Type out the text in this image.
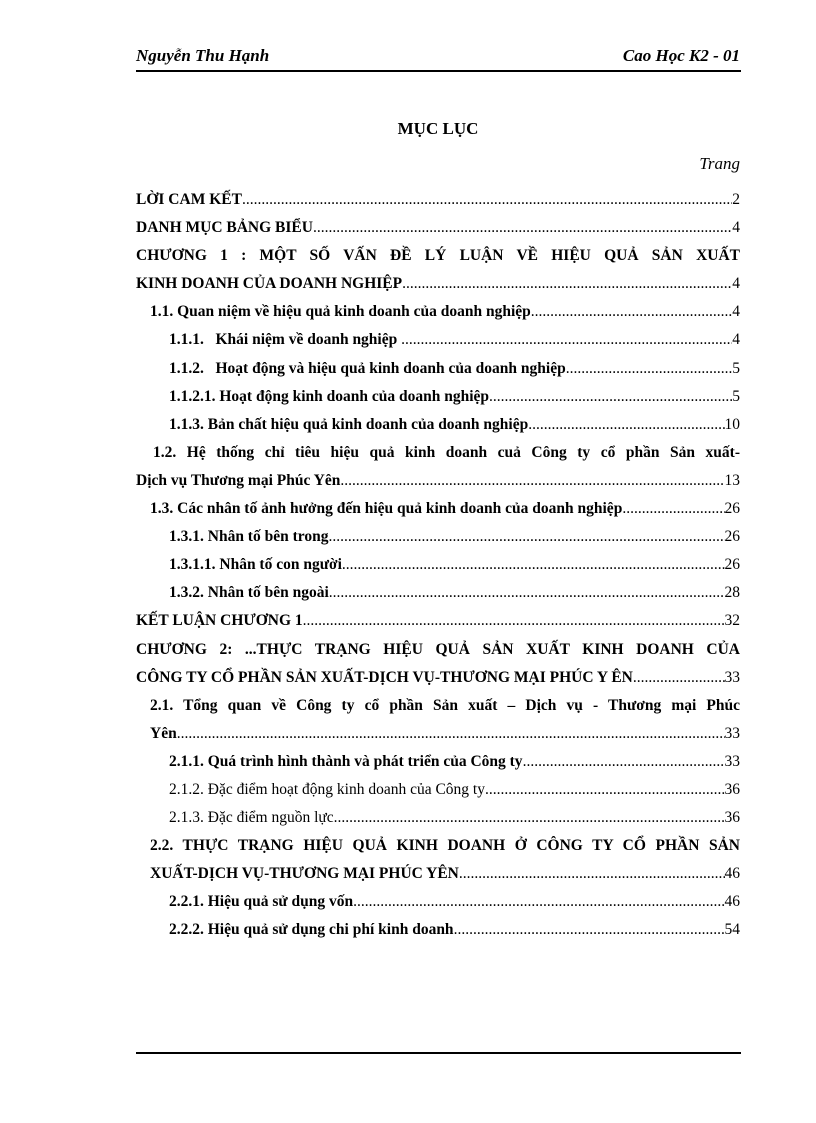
Nguyễn Thu Hạnh	Cao Học K2 - 01
MỤC LỤC
Trang
LỜI CAM KẾT .....	2
DANH MỤC BẢNG BIỂU .....	4
CHƯƠNG 1 : MỘT SỐ VẤN ĐỀ LÝ LUẬN VỀ HIỆU QUẢ SẢN XUẤT
KINH DOANH CỦA DOANH NGHIỆP .....	4
1.1. Quan niệm về hiệu quả kinh doanh của doanh nghiệp .....	4
1.1.1.   Khái niệm về doanh nghiệp .....	4
1.1.2.   Hoạt động và hiệu quả kinh doanh của doanh nghiệp .....	5
1.1.2.1. Hoạt động kinh doanh của doanh nghiệp .....	5
1.1.3. Bản chất hiệu quả kinh doanh của doanh nghiệp .....	10
1.2. Hệ thống chỉ tiêu hiệu quả kinh doanh cuả Công ty cổ phần Sản xuất-
Dịch vụ Thương mại Phúc Yên .....	13
1.3. Các nhân tố ảnh hưởng đến hiệu quả kinh doanh của doanh nghiệp .....	26
1.3.1. Nhân tố bên trong .....	26
1.3.1.1. Nhân tố con người .....	26
1.3.2. Nhân tố bên ngoài .....	28
KẾT LUẬN CHƯƠNG 1 .....	32
CHƯƠNG 2: ...THỰC TRẠNG HIỆU QUẢ SẢN XUẤT KINH DOANH CỦA
CÔNG TY CỔ PHẦN SẢN XUẤT-DỊCH VỤ-THƯƠNG MẠI PHÚC Y ÊN .....	33
2.1. Tổng quan về Công ty cổ phần Sản xuất – Dịch vụ - Thương mại Phúc
Yên .....	33
2.1.1. Quá trình hình thành và phát triển của Công ty .....	33
2.1.2. Đặc điểm hoạt động kinh doanh của Công ty .....	36
2.1.3. Đặc điểm nguồn lực .....	36
2.2. THỰC TRẠNG HIỆU QUẢ KINH DOANH Ở CÔNG TY CỔ PHẦN SẢN
XUẤT-DỊCH VỤ-THƯƠNG MẠI PHÚC YÊN .....	46
2.2.1. Hiệu quả sử dụng vốn .....	46
2.2.2. Hiệu quả sử dụng chi phí kinh doanh .....	54
